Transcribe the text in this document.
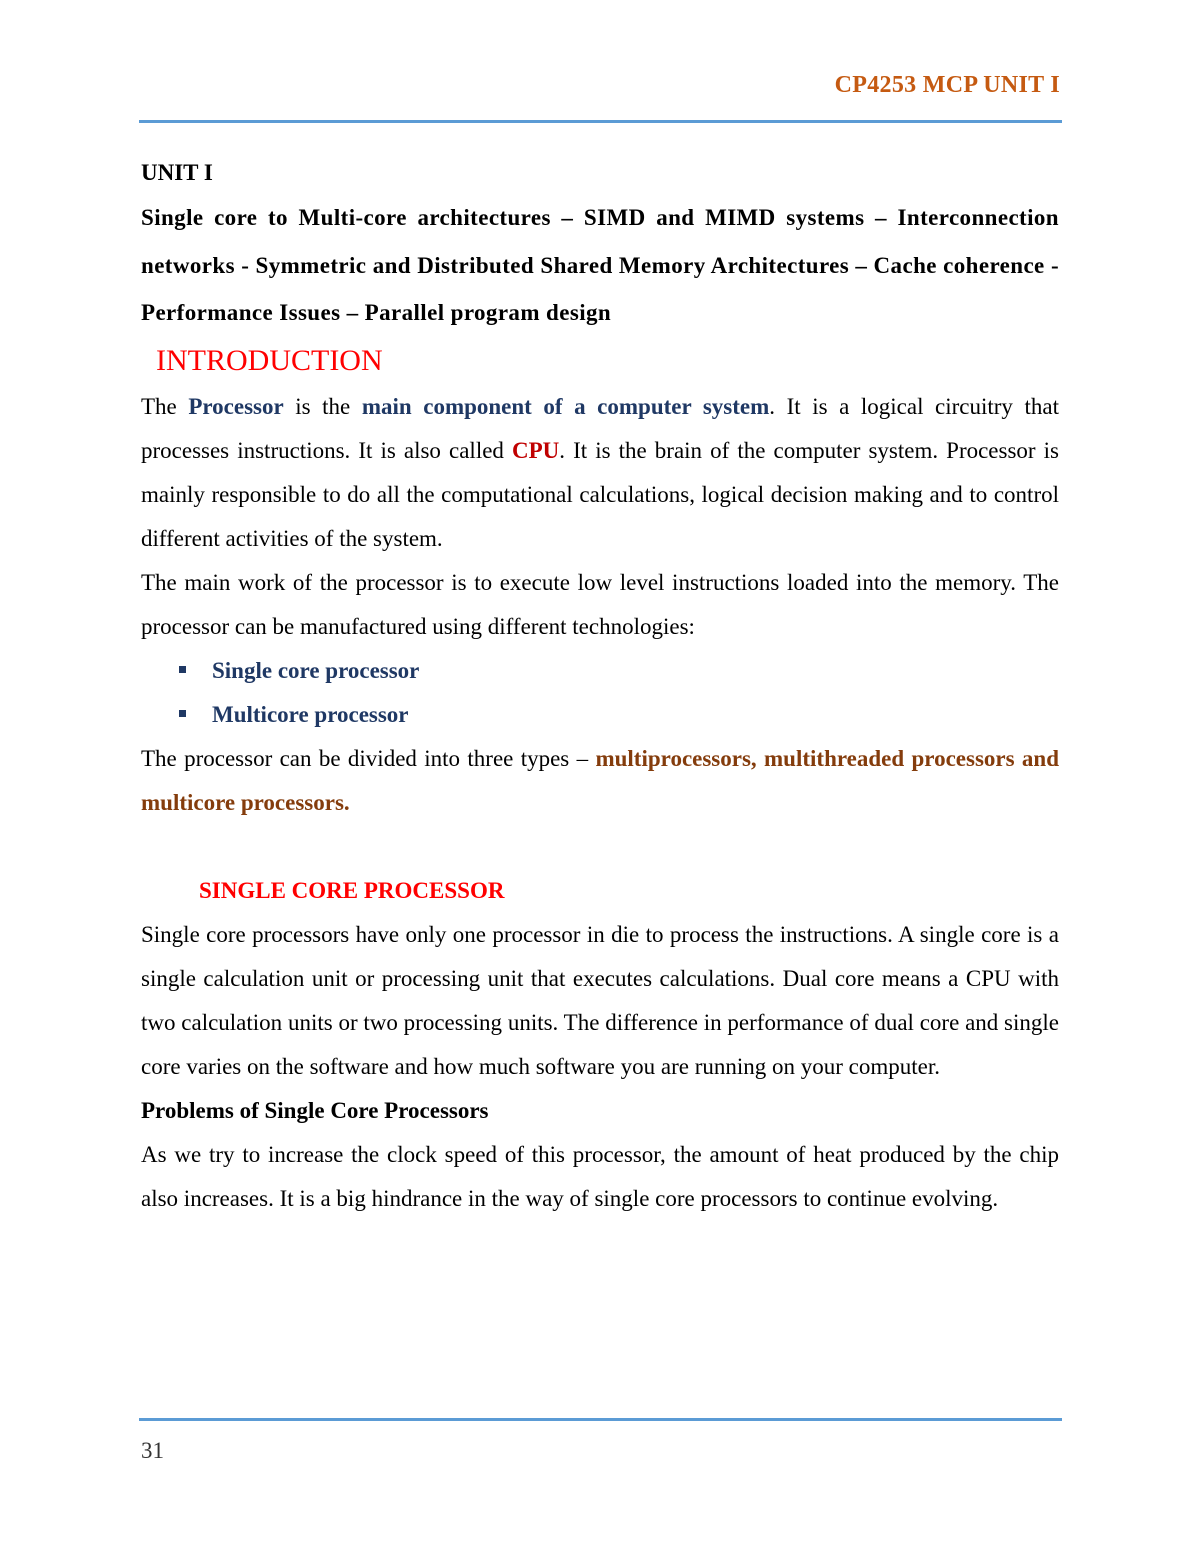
CP4253 MCP UNIT I

UNIT I

Single core to Multi-core architectures – SIMD and MIMD systems – Interconnection networks - Symmetric and Distributed Shared Memory Architectures – Cache coherence - Performance Issues – Parallel program design

INTRODUCTION

The Processor is the main component of a computer system. It is a logical circuitry that processes instructions. It is also called CPU. It is the brain of the computer system. Processor is mainly responsible to do all the computational calculations, logical decision making and to control different activities of the system.

The main work of the processor is to execute low level instructions loaded into the memory. The processor can be manufactured using different technologies:

Single core processor
Multicore processor

The processor can be divided into three types – multiprocessors, multithreaded processors and multicore processors.

SINGLE CORE PROCESSOR

Single core processors have only one processor in die to process the instructions. A single core is a single calculation unit or processing unit that executes calculations. Dual core means a CPU with two calculation units or two processing units. The difference in performance of dual core and single core varies on the software and how much software you are running on your computer.

Problems of Single Core Processors

As we try to increase the clock speed of this processor, the amount of heat produced by the chip also increases. It is a big hindrance in the way of single core processors to continue evolving.

31
